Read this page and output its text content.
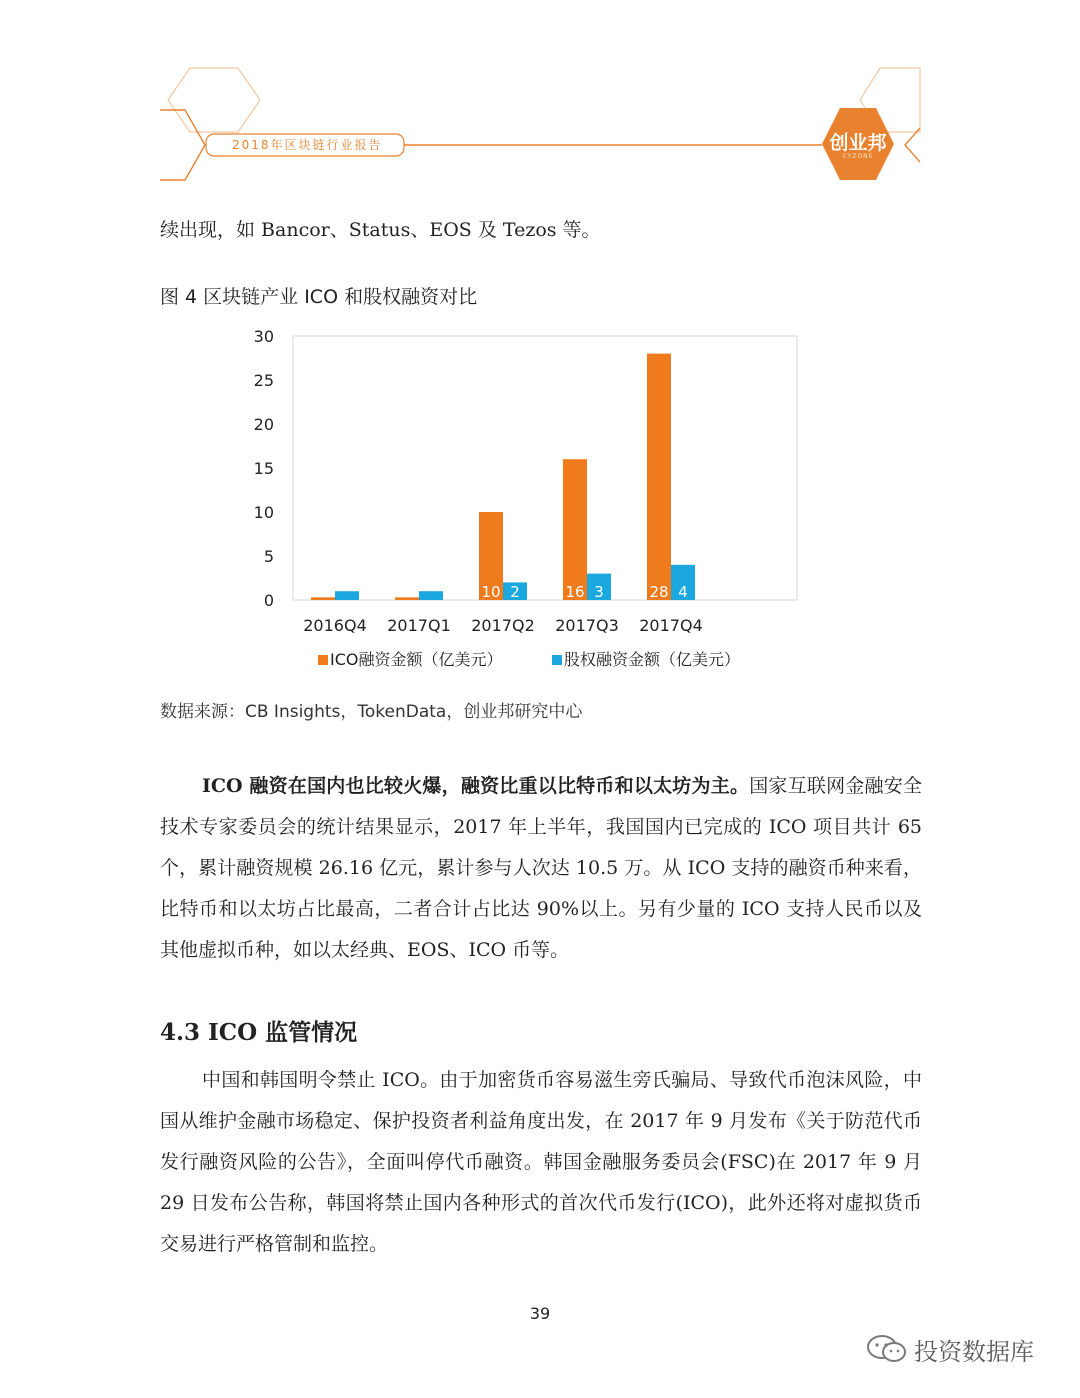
2018年区块链行业报告	创业邦
CYZONE
续出现，如 Bancor、Status、EOS 及 Tezos 等。
图 4 区块链产业 ICO 和股权融资对比
0
5
10
15
20
25
30
2016Q4 2017Q1
10 2
2017Q2
16 3
2017Q3
28 4
2017Q4
ICO融资金额（亿美元）	股权融资金额（亿美元）
数据来源：CB Insights，TokenData，创业邦研究中心
ICO 融资在国内也比较火爆，融资比重以比特币和以太坊为主。国家互联网金融安全技术专家委员会的统计结果显示，2017 年上半年，我国国内已完成的 ICO 项目共计 65 个，累计融资规模 26.16 亿元，累计参与人次达 10.5 万。从 ICO 支持的融资币种来看，比特币和以太坊占比最高，二者合计占比达 90%以上。另有少量的 ICO 支持人民币以及其他虚拟币种，如以太经典、EOS、ICO 币等。
4.3 ICO 监管情况
中国和韩国明令禁止 ICO。由于加密货币容易滋生旁氏骗局、导致代币泡沫风险，中国从维护金融市场稳定、保护投资者利益角度出发，在 2017 年 9 月发布《关于防范代币发行融资风险的公告》，全面叫停代币融资。韩国金融服务委员会(FSC)在 2017 年 9 月 29 日发布公告称，韩国将禁止国内各种形式的首次代币发行(ICO)，此外还将对虚拟货币交易进行严格管制和监控。
39
投资数据库
